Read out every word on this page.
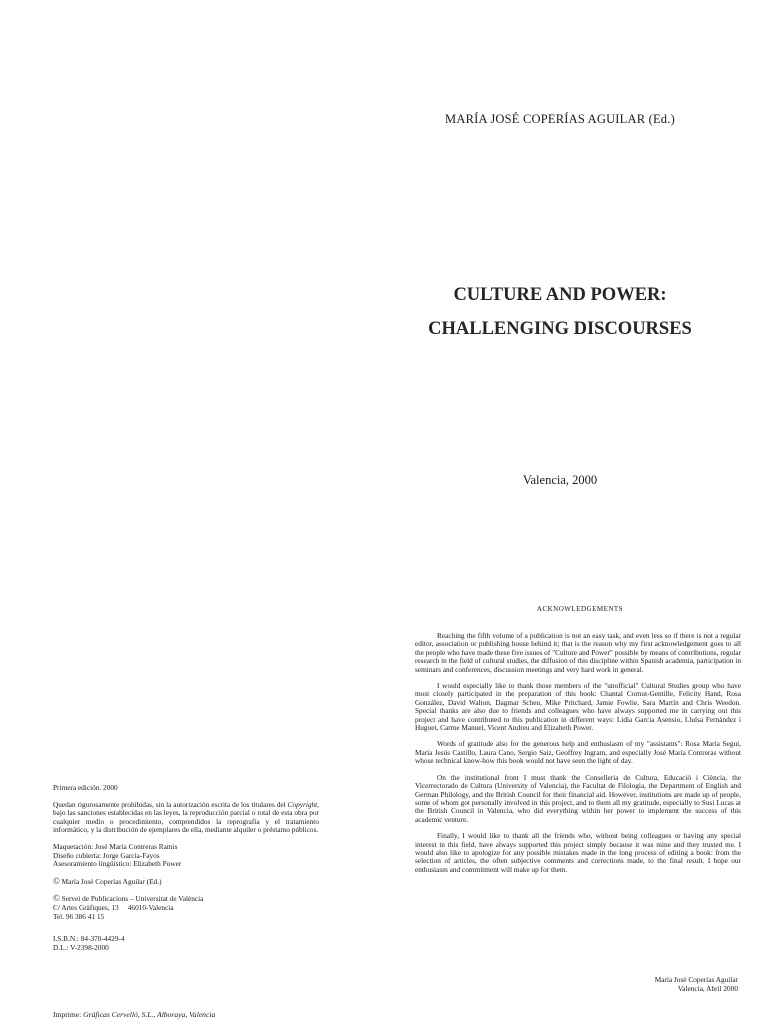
MARÍA JOSÉ COPERÍAS AGUILAR (Ed.)
CULTURE AND POWER:
CHALLENGING DISCOURSES
Valencia, 2000
ACKNOWLEDGEMENTS

Reaching the fifth volume of a publication is not an easy task, and even less so if there is not a regular editor, association or publishing house behind it; that is the reason why my first acknowledgement goes to all the people who have made these five issues of "Culture and Power" possible by means of contributions, regular research in the field of cultural studies, the diffusion of this discipline within Spanish academia, participation in seminars and conferences, discussion meetings and very hard work in general.

I would especially like to thank those members of the "unofficial" Cultural Studies group who have most closely participated in the preparation of this book: Chantal Cornut-Gentille, Felicity Hand, Rosa González, David Walton, Dagmar Scheu, Mike Pritchard, Jamie Fowlie, Sara Martín and Chris Weedon. Special thanks are also due to friends and colleagues who have always supported me in carrying out this project and have contributed to this publication in different ways: Lidia Garcia Asensio, Lluïsa Fernàndez i Huguet, Carme Manuel, Vicent Andreu and Elizabeth Power.

Words of gratitude also for the generous help and enthusiasm of my "assistants": Rosa María Seguí, María Jesús Castillo, Laura Cano, Sergio Saiz, Geoffrey Ingram, and especially José María Contreras without whose technical know-how this book would not have seen the light of day.

On the institutional front I must thank the Conselleria de Cultura, Educació i Ciència, the Vicerrectorado de Cultura (University of Valencia), the Facultat de Filologia, the Department of English and German Philology, and the British Council for their financial aid. However, institutions are made up of people, some of whom got personally involved in this project, and to them all my gratitude, especially to Susi Lucas at the British Council in Valencia, who did everything within her power to implement the success of this academic venture.

Finally, I would like to thank all the friends who, without being colleagues or having any special interest in this field, have always supported this project simply because it was mine and they trusted me. I would also like to apologize for any possible mistakes made in the long process of editing a book: from the selection of articles, the often subjective comments and corrections made, to the final result. I hope our enthusiasm and commitment will make up for them.

María José Coperías Aguilar
Valencia, Abril 2000
Primera edición. 2000
Quedan rigurosamente prohibidas, sin la autorización escrita de los titulares del Copyright, bajo las sanciones establecidas en las leyes, la reproducción parcial o total de esta obra por cualquier medio o procedimiento, comprendidos la reprografía y el tratamiento informático, y la distribución de ejemplares de ella, mediante alquiler o préstamo públicos.
Maquetación: José María Contreras Ramis
Diseño cubierta: Jorge García-Fayos
Asesoramiento lingüístico: Elizabeth Power
© María José Coperías Aguilar (Ed.)
© Servei de Publicacions – Universitat de València
C/ Artes Gràfiques, 13     46010-Valencia
Tel. 96 386 41 15
I.S.B.N.: 84-370-4429-4
D.L.: V-2398-2000
Imprime: Gráficas Cervelló, S.L., Alboraya, Valencia
